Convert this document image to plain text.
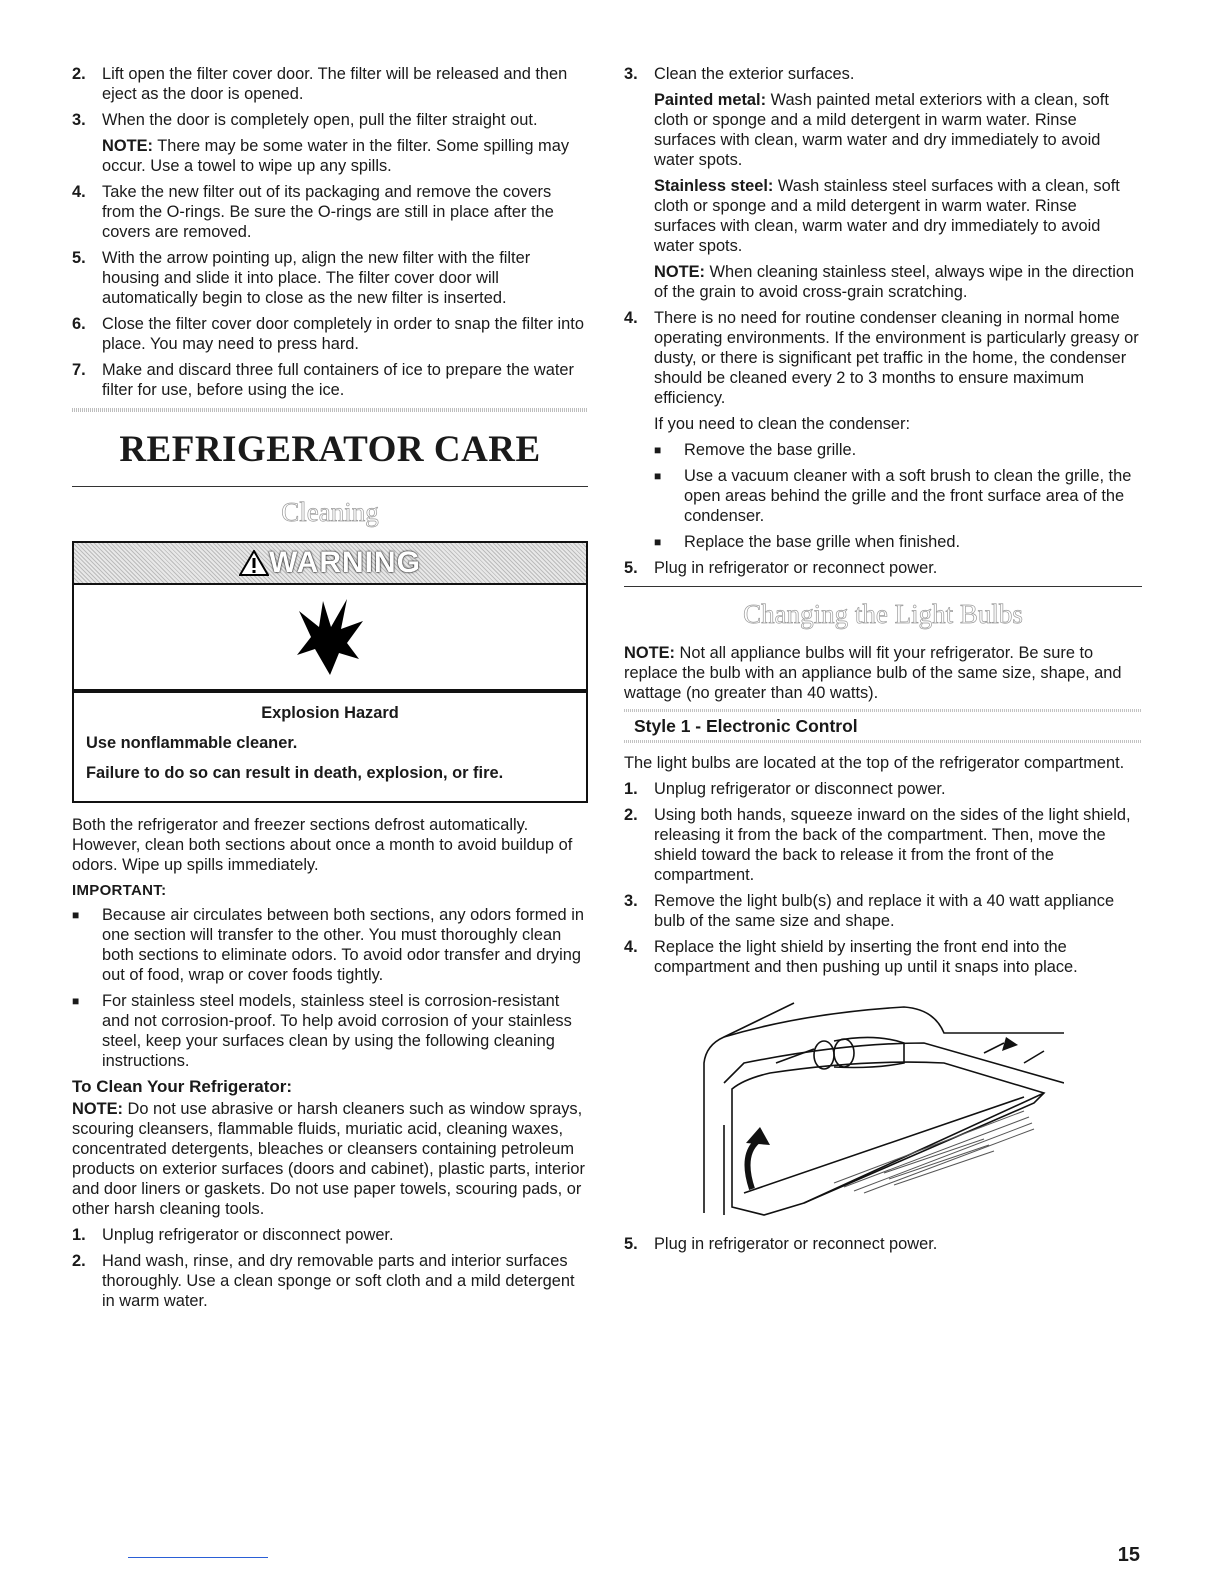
2. Lift open the filter cover door. The filter will be released and then eject as the door is opened.
3. When the door is completely open, pull the filter straight out.

NOTE: There may be some water in the filter. Some spilling may occur. Use a towel to wipe up any spills.

4. Take the new filter out of its packaging and remove the covers from the O-rings. Be sure the O-rings are still in place after the covers are removed.
5. With the arrow pointing up, align the new filter with the filter housing and slide it into place. The filter cover door will automatically begin to close as the new filter is inserted.
6. Close the filter cover door completely in order to snap the filter into place. You may need to press hard.
7. Make and discard three full containers of ice to prepare the water filter for use, before using the ice.
REFRIGERATOR CARE
Cleaning
WARNING
Explosion Hazard
Use nonflammable cleaner.
Failure to do so can result in death, explosion, or fire.

Both the refrigerator and freezer sections defrost automatically. However, clean both sections about once a month to avoid buildup of odors. Wipe up spills immediately.

IMPORTANT:
■	Because air circulates between both sections, any odors formed in one section will transfer to the other. You must thoroughly clean both sections to eliminate odors. To avoid odor transfer and drying out of food, wrap or cover foods tightly.
■	For stainless steel models, stainless steel is corrosion-resistant and not corrosion-proof. To help avoid corrosion of your stainless steel, keep your surfaces clean by using the following cleaning instructions.
To Clean Your Refrigerator:

NOTE: Do not use abrasive or harsh cleaners such as window sprays, scouring cleansers, flammable fluids, muriatic acid, cleaning waxes, concentrated detergents, bleaches or cleansers containing petroleum products on exterior surfaces (doors and cabinet), plastic parts, interior and door liners or gaskets. Do not use paper towels, scouring pads, or other harsh cleaning tools.

1. Unplug refrigerator or disconnect power.
2. Hand wash, rinse, and dry removable parts and interior surfaces thoroughly. Use a clean sponge or soft cloth and a mild detergent in warm water.
3. Clean the exterior surfaces.

Painted metal: Wash painted metal exteriors with a clean, soft cloth or sponge and a mild detergent in warm water. Rinse surfaces with clean, warm water and dry immediately to avoid water spots.

Stainless steel: Wash stainless steel surfaces with a clean, soft cloth or sponge and a mild detergent in warm water. Rinse surfaces with clean, warm water and dry immediately to avoid water spots.

NOTE: When cleaning stainless steel, always wipe in the direction of the grain to avoid cross-grain scratching.

4. There is no need for routine condenser cleaning in normal home operating environments. If the environment is particularly greasy or dusty, or there is significant pet traffic in the home, the condenser should be cleaned every 2 to 3 months to ensure maximum efficiency.

If you need to clean the condenser:

■	Remove the base grille.
■	Use a vacuum cleaner with a soft brush to clean the grille, the open areas behind the grille and the front surface area of the condenser.
■	Replace the base grille when finished.
5. Plug in refrigerator or reconnect power.
Changing the Light Bulbs

NOTE: Not all appliance bulbs will fit your refrigerator. Be sure to replace the bulb with an appliance bulb of the same size, shape, and wattage (no greater than 40 watts).

Style 1 - Electronic Control

The light bulbs are located at the top of the refrigerator compartment.

1. Unplug refrigerator or disconnect power.
2. Using both hands, squeeze inward on the sides of the light shield, releasing it from the back of the compartment. Then, move the shield toward the back to release it from the front of the compartment.
3. Remove the light bulb(s) and replace it with a 40 watt appliance bulb of the same size and shape.
4. Replace the light shield by inserting the front end into the compartment and then pushing up until it snaps into place.
5. Plug in refrigerator or reconnect power.
15
